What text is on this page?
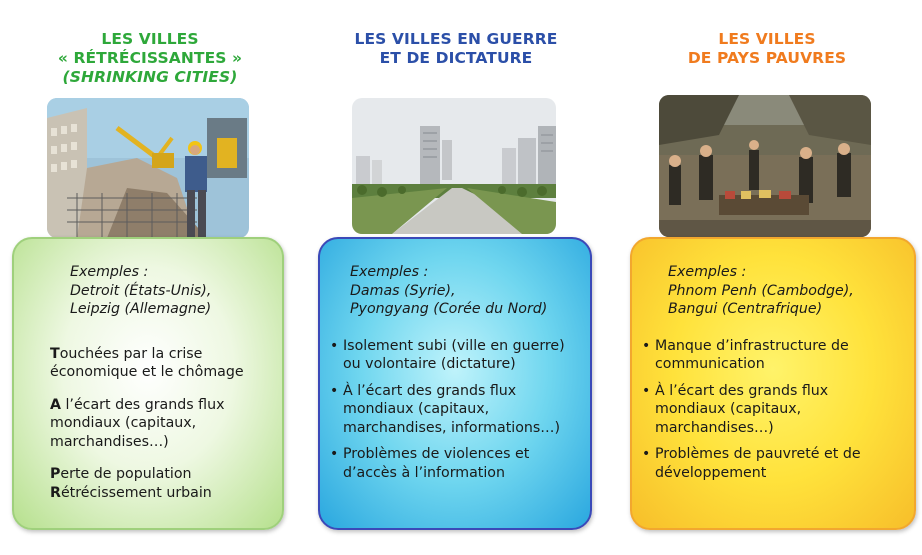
LES VILLES
« RÉTRÉCISSANTES »
(SHRINKING CITIES)
Exemples :
Detroit (États-Unis),
Leipzig (Allemagne)
Touchées par la crise économique et le chômage
A l’écart des grands flux mondiaux (capitaux, marchandises…)
Perte de population
Rétrécissement urbain
LES VILLES EN GUERRE
ET DE DICTATURE
Exemples :
Damas (Syrie),
Pyongyang (Corée du Nord)
• Isolement subi (ville en guerre) ou volontaire (dictature)
• À l’écart des grands flux mondiaux (capitaux, marchandises, informations…)
• Problèmes de violences et d’accès à l’information
LES VILLES
DE PAYS PAUVRES
Exemples :
Phnom Penh (Cambodge),
Bangui (Centrafrique)
• Manque d’infrastructure de communication
• À l’écart des grands flux mondiaux (capitaux, marchandises…)
• Problèmes de pauvreté et de développement
